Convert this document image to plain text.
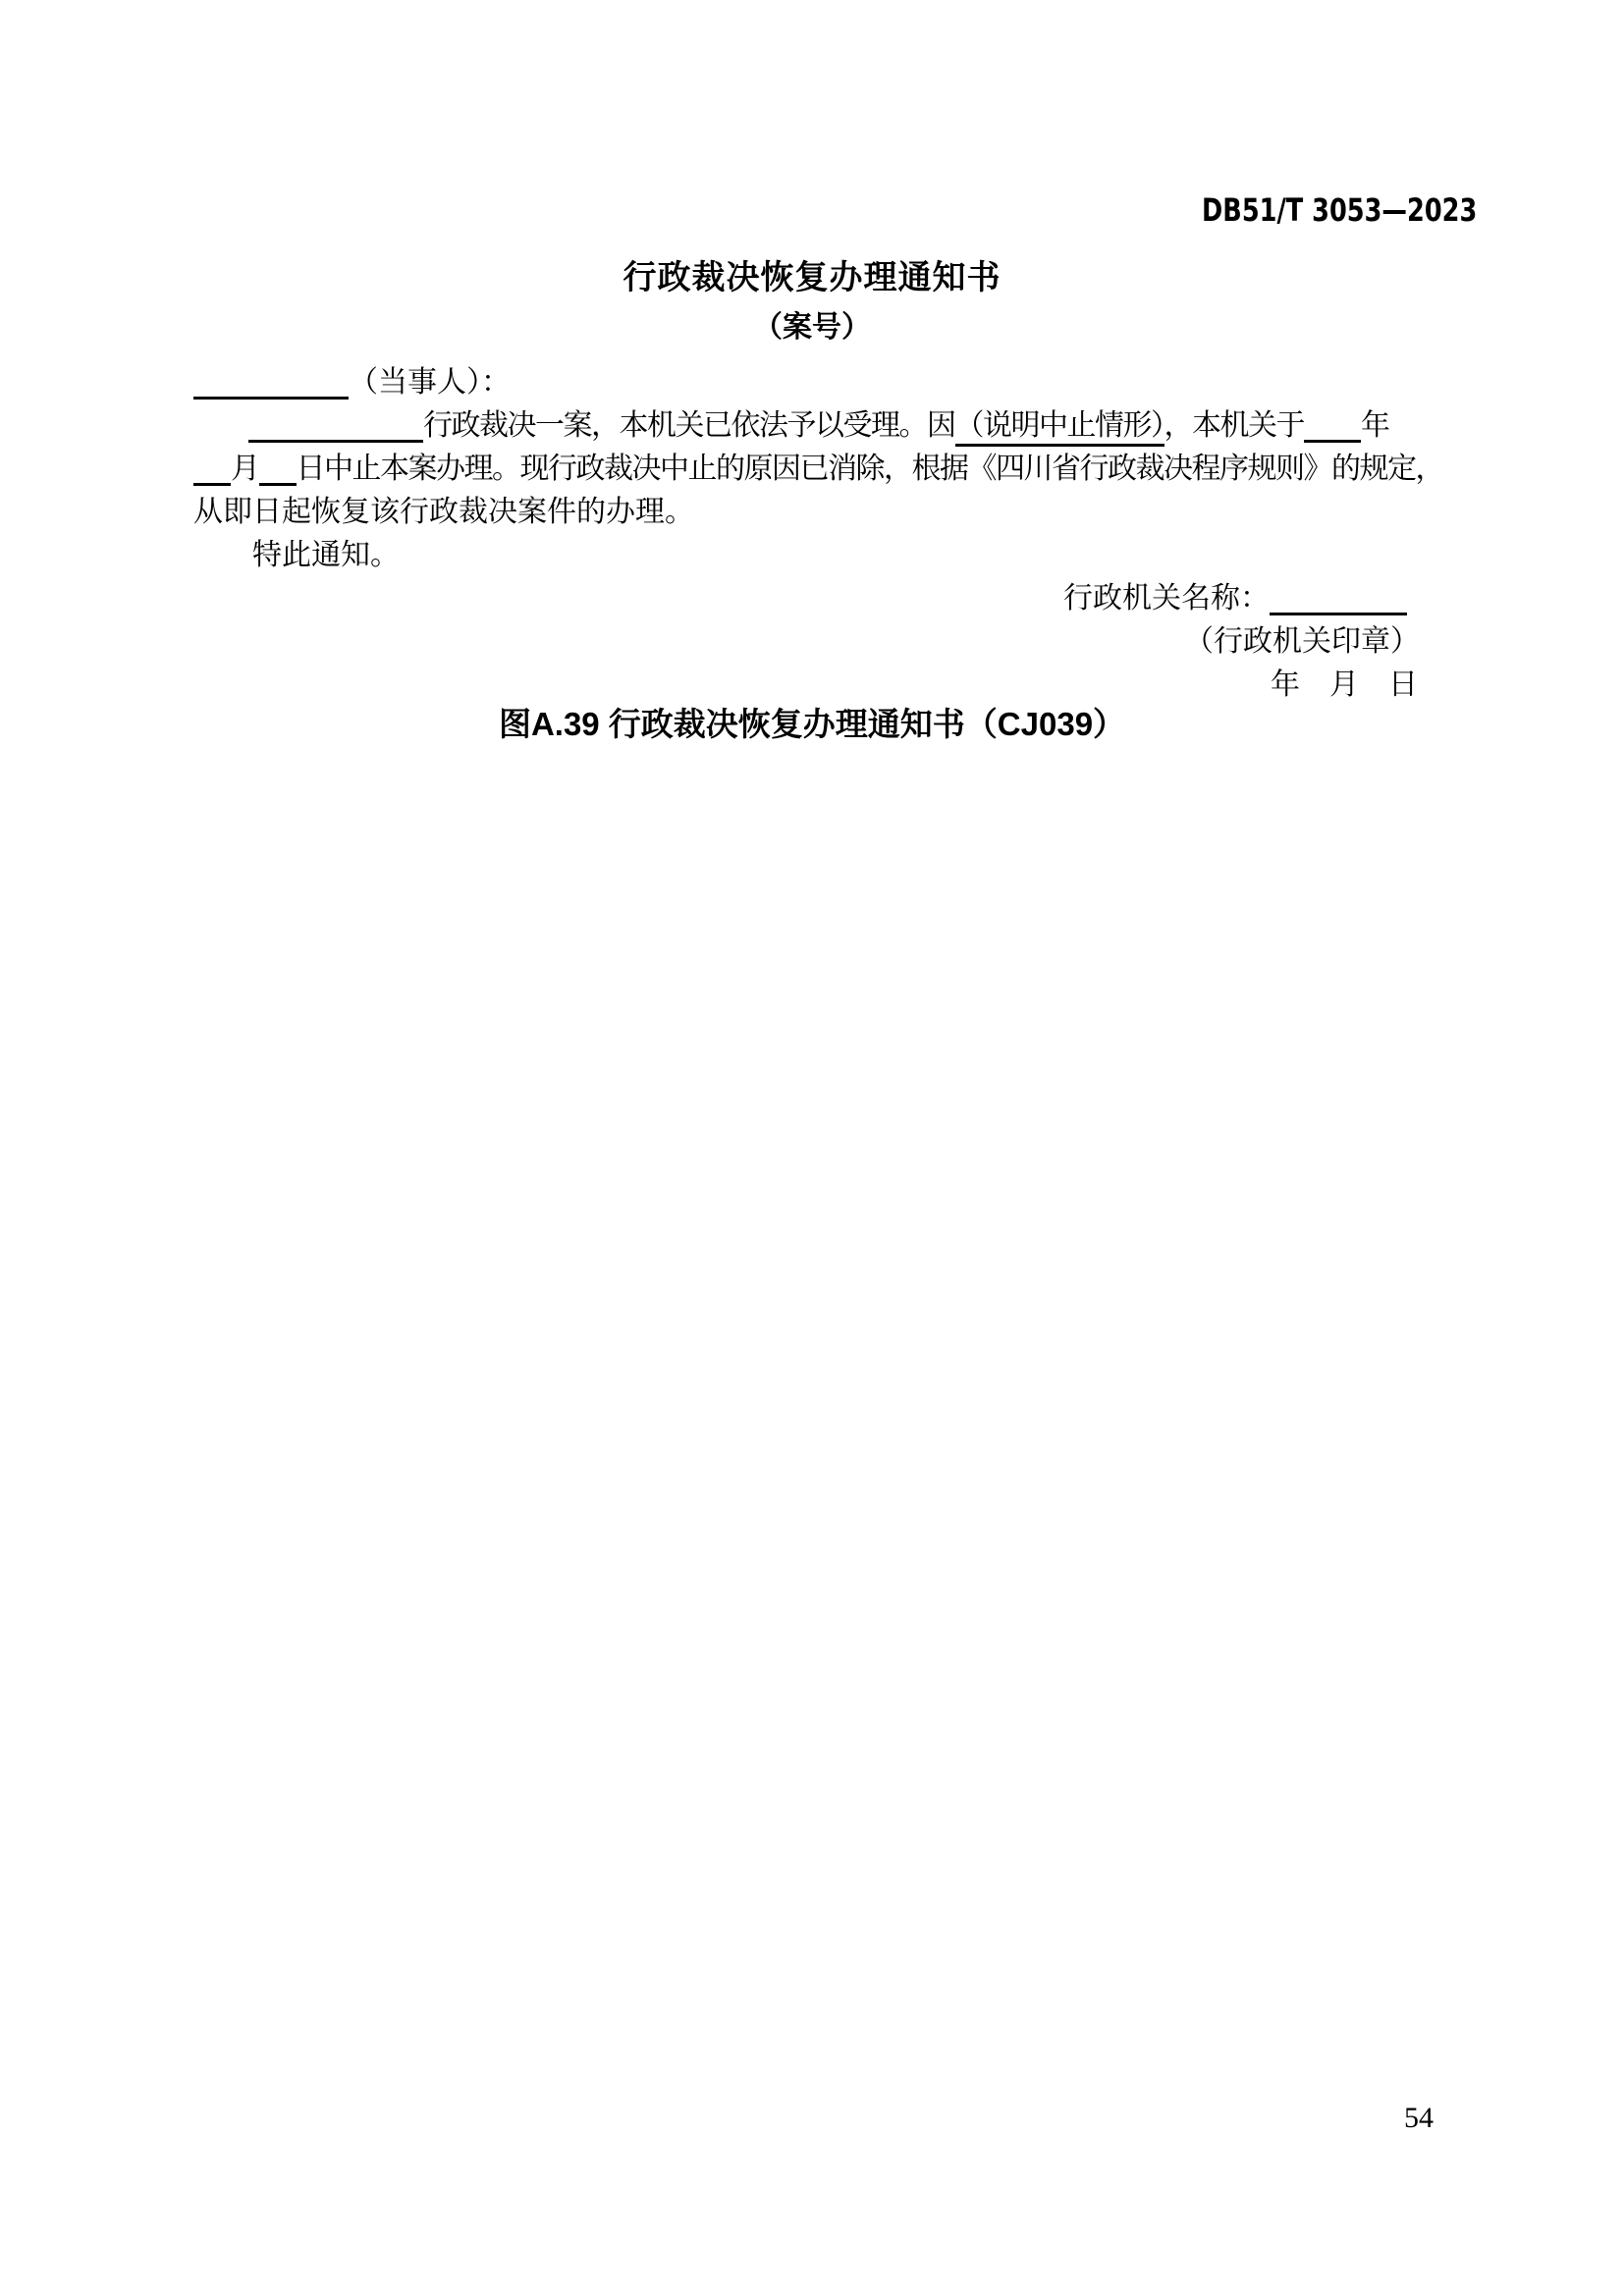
DB51/T 3053—2023
行政裁决恢复办理通知书
（案号）
（当事人）：
行政裁决一案，本机关已依法予以受理。因（说明中止情形），本机关于 年
月 日中止本案办理。现行政裁决中止的原因已消除，根据《四川省行政裁决程序规则》的规定，
从即日起恢复该行政裁决案件的办理。
特此通知。
行政机关名称：
（行政机关印章）
年　月　日
图A.39 行政裁决恢复办理通知书（CJ039）
54
